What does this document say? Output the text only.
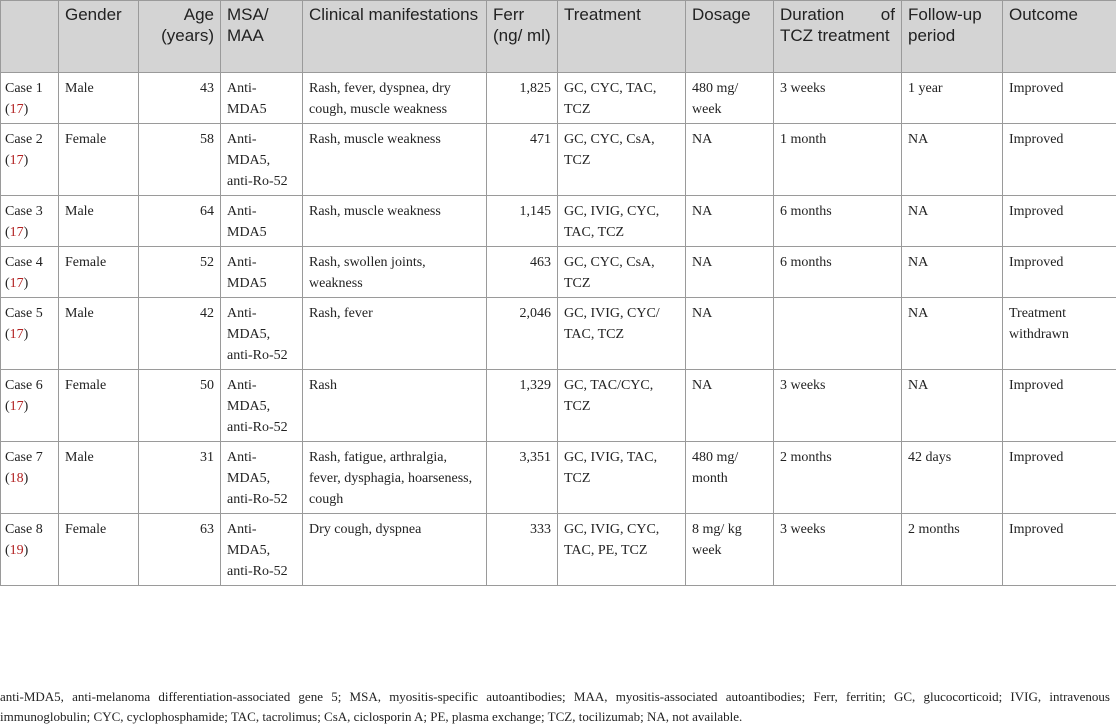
	Gender	Age (years)	MSA/ MAA	Clinical manifestations	Ferr (ng/ ml)	Treatment	Dosage	Duration of TCZ treatment	Follow-up period	Outcome
Case 1 (17)	Male	43	Anti-MDA5	Rash, fever, dyspnea, dry cough, muscle weakness	1,825	GC, CYC, TAC, TCZ	480 mg/ week	3 weeks	1 year	Improved
Case 2 (17)	Female	58	Anti-MDA5, anti-Ro-52	Rash, muscle weakness	471	GC, CYC, CsA, TCZ	NA	1 month	NA	Improved
Case 3 (17)	Male	64	Anti-MDA5	Rash, muscle weakness	1,145	GC, IVIG, CYC, TAC, TCZ	NA	6 months	NA	Improved
Case 4 (17)	Female	52	Anti-MDA5	Rash, swollen joints, weakness	463	GC, CYC, CsA, TCZ	NA	6 months	NA	Improved
Case 5 (17)	Male	42	Anti-MDA5, anti-Ro-52	Rash, fever	2,046	GC, IVIG, CYC/ TAC, TCZ	NA		NA	Treatment withdrawn
Case 6 (17)	Female	50	Anti-MDA5, anti-Ro-52	Rash	1,329	GC, TAC/CYC, TCZ	NA	3 weeks	NA	Improved
Case 7 (18)	Male	31	Anti-MDA5, anti-Ro-52	Rash, fatigue, arthralgia, fever, dysphagia, hoarseness, cough	3,351	GC, IVIG, TAC, TCZ	480 mg/ month	2 months	42 days	Improved
Case 8 (19)	Female	63	Anti-MDA5, anti-Ro-52	Dry cough, dyspnea	333	GC, IVIG, CYC, TAC, PE, TCZ	8 mg/ kg week	3 weeks	2 months	Improved

anti-MDA5, anti-melanoma differentiation-associated gene 5; MSA, myositis-specific autoantibodies; MAA, myositis-associated autoantibodies; Ferr, ferritin; GC, glucocorticoid; IVIG, intravenous immunoglobulin; CYC, cyclophosphamide; TAC, tacrolimus; CsA, ciclosporin A; PE, plasma exchange; TCZ, tocilizumab; NA, not available.
